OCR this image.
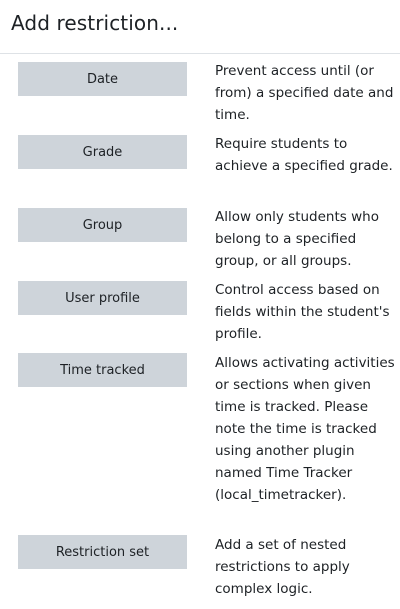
Add restriction...
Date	Prevent access until (or from) a specified date and time.

Grade	Require students to achieve a specified grade.

Group	Allow only students who belong to a specified group, or all groups.

User profile	Control access based on fields within the student's profile.

Time tracked	Allows activating activities or sections when given time is tracked. Please note the time is tracked using another plugin named Time Tracker (local_timetracker).

Restriction set	Add a set of nested restrictions to apply complex logic.
